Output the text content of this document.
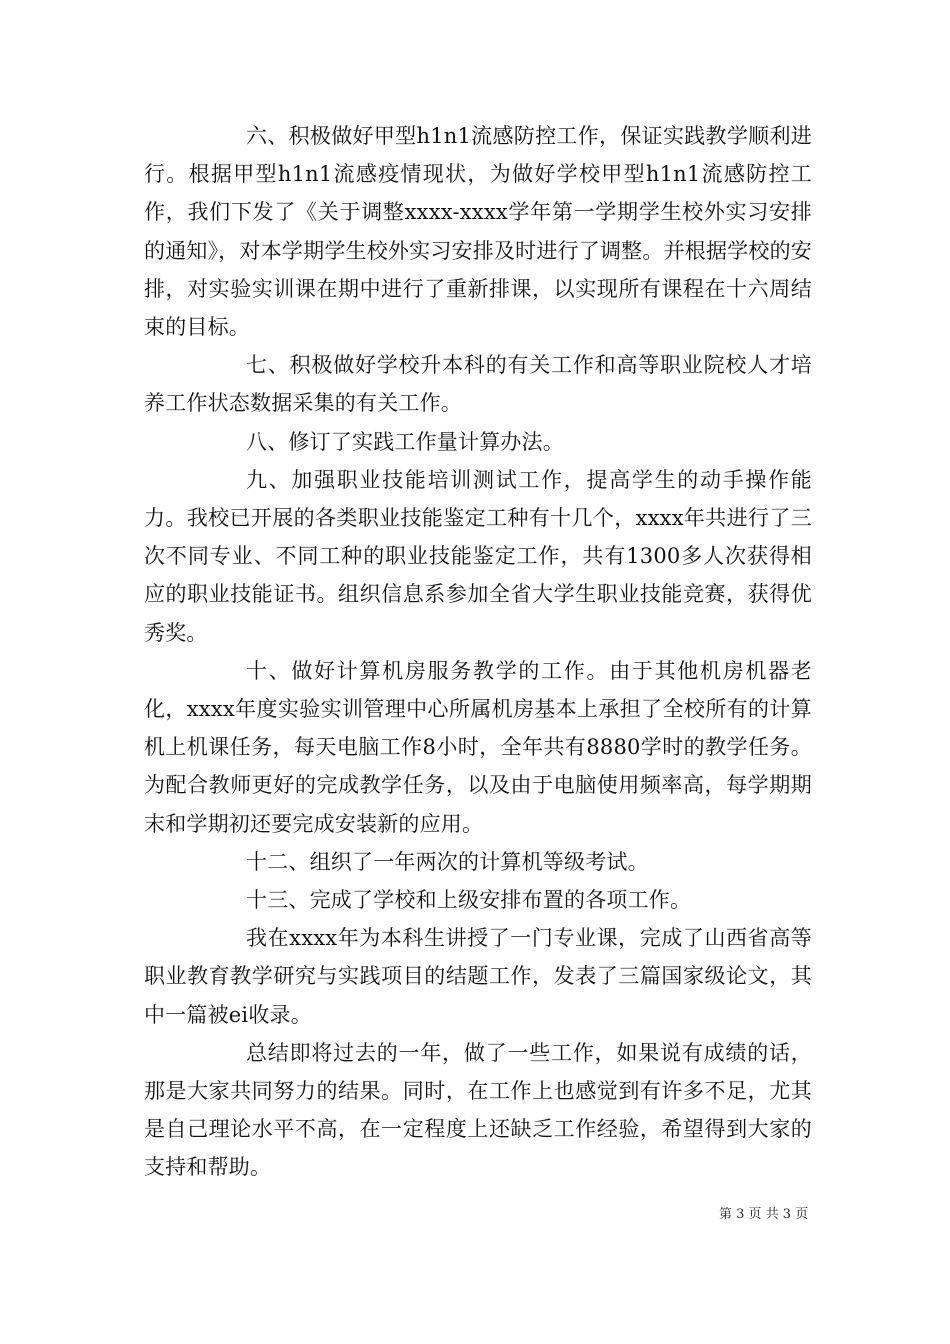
六、积极做好甲型h1n1流感防控工作，保证实践教学顺利进行。根据甲型h1n1流感疫情现状，为做好学校甲型h1n1流感防控工作，我们下发了《关于调整xxxx-xxxx学年第一学期学生校外实习安排的通知》，对本学期学生校外实习安排及时进行了调整。并根据学校的安排，对实验实训课在期中进行了重新排课，以实现所有课程在十六周结束的目标。

七、积极做好学校升本科的有关工作和高等职业院校人才培养工作状态数据采集的有关工作。

八、修订了实践工作量计算办法。

九、加强职业技能培训测试工作，提高学生的动手操作能力。我校已开展的各类职业技能鉴定工种有十几个，xxxx年共进行了三次不同专业、不同工种的职业技能鉴定工作，共有1300多人次获得相应的职业技能证书。组织信息系参加全省大学生职业技能竞赛，获得优秀奖。

十、做好计算机房服务教学的工作。由于其他机房机器老化，xxxx年度实验实训管理中心所属机房基本上承担了全校所有的计算机上机课任务，每天电脑工作8小时，全年共有8880学时的教学任务。为配合教师更好的完成教学任务，以及由于电脑使用频率高，每学期期末和学期初还要完成安装新的应用。

十二、组织了一年两次的计算机等级考试。

十三、完成了学校和上级安排布置的各项工作。

我在xxxx年为本科生讲授了一门专业课，完成了山西省高等职业教育教学研究与实践项目的结题工作，发表了三篇国家级论文，其中一篇被ei收录。

总结即将过去的一年，做了一些工作，如果说有成绩的话，那是大家共同努力的结果。同时，在工作上也感觉到有许多不足，尤其是自己理论水平不高，在一定程度上还缺乏工作经验，希望得到大家的支持和帮助。

第 3 页 共 3 页
